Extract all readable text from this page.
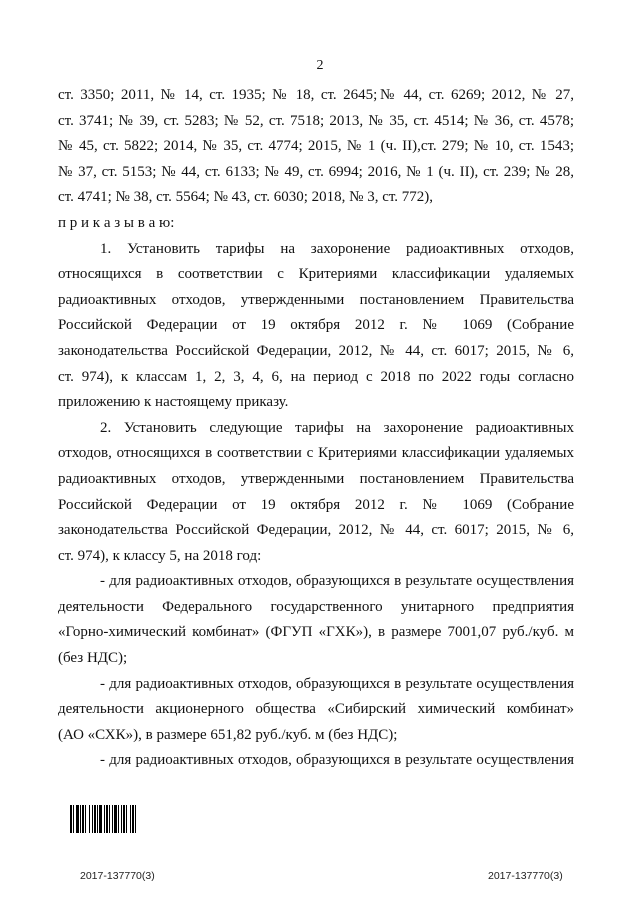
2
ст. 3350; 2011, № 14, ст. 1935; № 18, ст. 2645;№ 44, ст. 6269; 2012, № 27,
ст. 3741; № 39, ст. 5283; № 52, ст. 7518; 2013, № 35, ст. 4514; № 36, ст. 4578;
№ 45, ст. 5822; 2014, № 35, ст. 4774; 2015, № 1 (ч. II),ст. 279; № 10, ст. 1543;
№ 37, ст. 5153; № 44, ст. 6133; № 49, ст. 6994; 2016, № 1 (ч. II), ст. 239; № 28,
ст. 4741; № 38, ст. 5564; № 43, ст. 6030; 2018, № 3, ст. 772),
п р и к а з ы в а ю:
1. Установить тарифы на захоронение радиоактивных отходов,
относящихся в соответствии с Критериями классификации удаляемых
радиоактивных отходов, утвержденными постановлением Правительства
Российской Федерации от 19 октября 2012 г. № 1069 (Собрание
законодательства Российской Федерации, 2012, № 44, ст. 6017; 2015, № 6,
ст. 974), к классам 1, 2, 3, 4, 6, на период с 2018 по 2022 годы согласно
приложению к настоящему приказу.
2. Установить следующие тарифы на захоронение радиоактивных
отходов, относящихся в соответствии с Критериями классификации удаляемых
радиоактивных отходов, утвержденными постановлением Правительства
Российской Федерации от 19 октября 2012 г. № 1069 (Собрание
законодательства Российской Федерации, 2012, № 44, ст. 6017; 2015, № 6,
ст. 974), к классу 5, на 2018 год:
- для радиоактивных отходов, образующихся в результате осуществления
деятельности Федерального государственного унитарного предприятия
«Горно-химический комбинат» (ФГУП «ГХК»), в размере 7001,07 руб./куб. м
(без НДС);
- для радиоактивных отходов, образующихся в результате осуществления
деятельности акционерного общества «Сибирский химический комбинат»
(АО «СХК»), в размере 651,82 руб./куб. м (без НДС);
- для радиоактивных отходов, образующихся в результате осуществления
2017-137770(3)	2017-137770(3)
